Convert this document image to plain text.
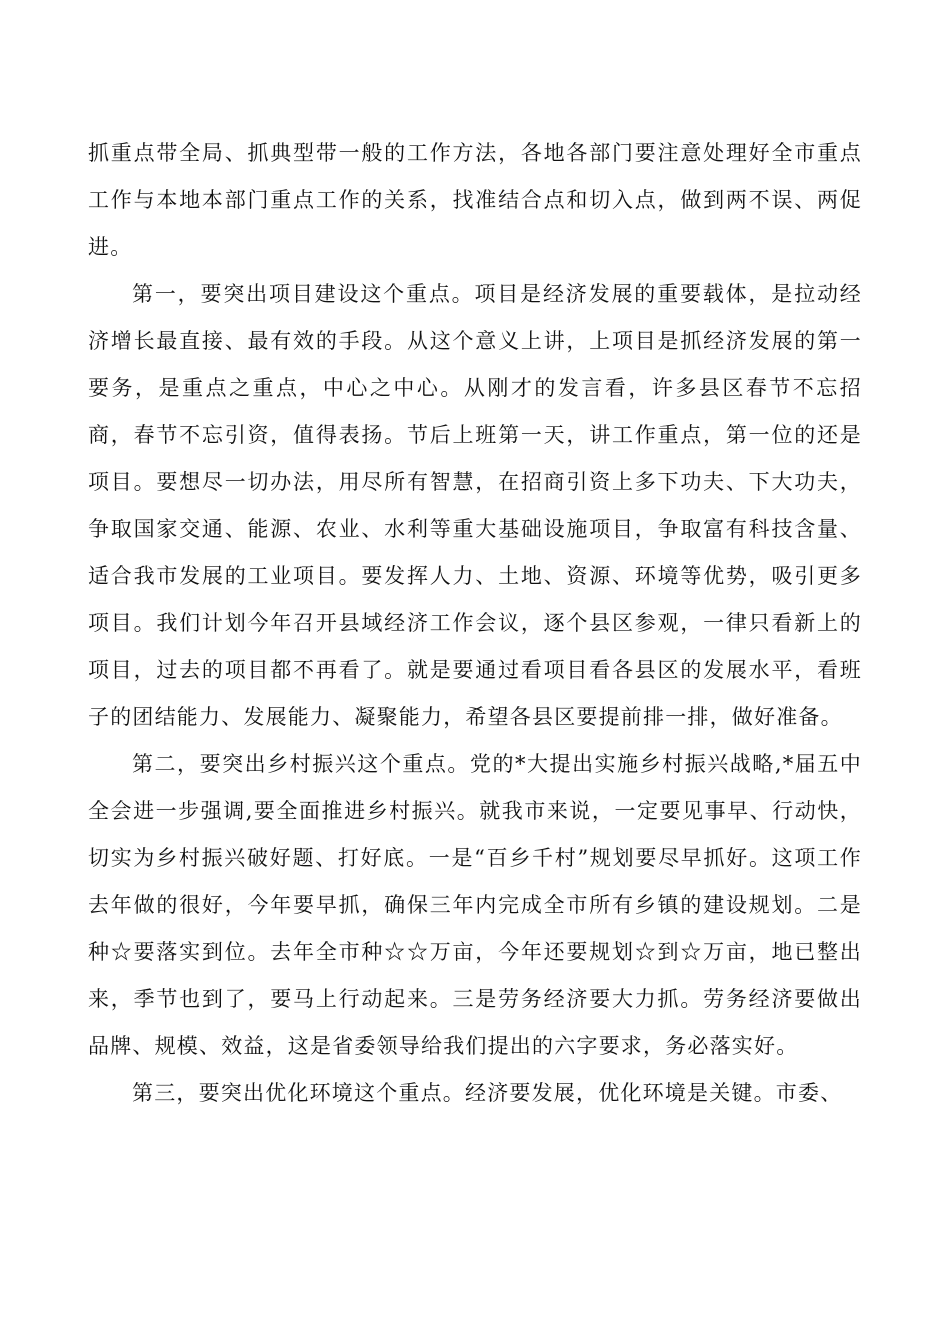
抓重点带全局、抓典型带一般的工作方法，各地各部门要注意处理好全市重点工作与本地本部门重点工作的关系，找准结合点和切入点，做到两不误、两促进。

第一，要突出项目建设这个重点。项目是经济发展的重要载体，是拉动经济增长最直接、最有效的手段。从这个意义上讲，上项目是抓经济发展的第一要务，是重点之重点，中心之中心。从刚才的发言看，许多县区春节不忘招商，春节不忘引资，值得表扬。节后上班第一天，讲工作重点，第一位的还是项目。要想尽一切办法，用尽所有智慧，在招商引资上多下功夫、下大功夫，争取国家交通、能源、农业、水利等重大基础设施项目，争取富有科技含量、适合我市发展的工业项目。要发挥人力、土地、资源、环境等优势，吸引更多项目。我们计划今年召开县域经济工作会议，逐个县区参观，一律只看新上的项目，过去的项目都不再看了。就是要通过看项目看各县区的发展水平，看班子的团结能力、发展能力、凝聚能力，希望各县区要提前排一排，做好准备。

第二，要突出乡村振兴这个重点。党的*大提出实施乡村振兴战略,*届五中全会进一步强调,要全面推进乡村振兴。就我市来说，一定要见事早、行动快，切实为乡村振兴破好题、打好底。一是“百乡千村”规划要尽早抓好。这项工作去年做的很好，今年要早抓，确保三年内完成全市所有乡镇的建设规划。二是种☆要落实到位。去年全市种☆☆万亩，今年还要规划☆到☆万亩，地已整出来，季节也到了，要马上行动起来。三是劳务经济要大力抓。劳务经济要做出品牌、规模、效益，这是省委领导给我们提出的六字要求，务必落实好。

第三，要突出优化环境这个重点。经济要发展，优化环境是关键。市委、
